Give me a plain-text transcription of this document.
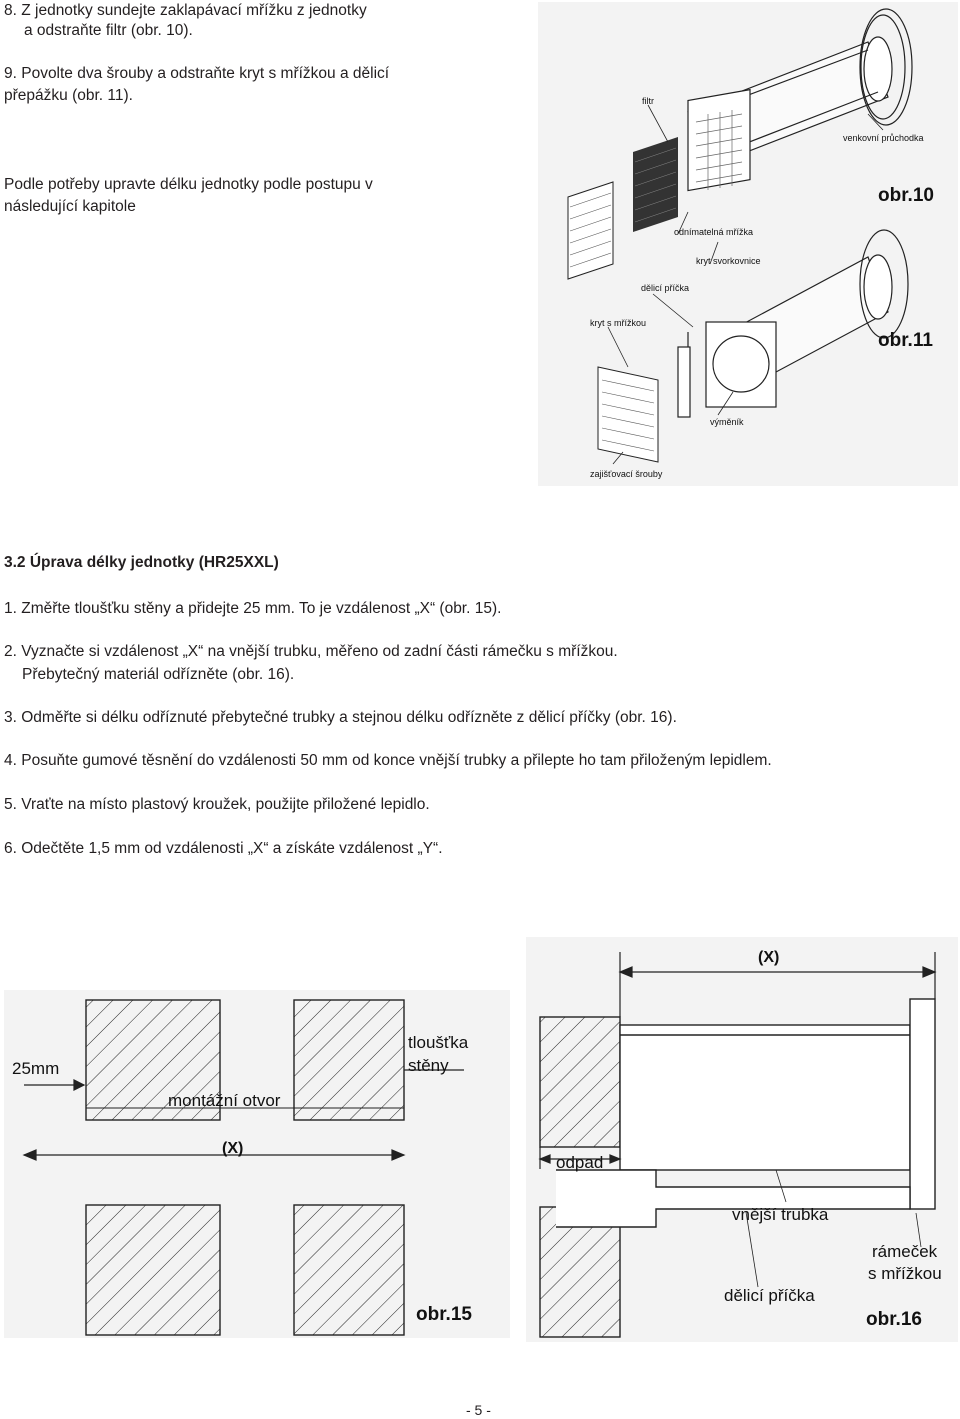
8. Z jednotky sundejte zaklapávací mřížku z jednotky

a odstraňte filtr (obr. 10).

9. Povolte dva šrouby a odstraňte kryt s mřížkou a dělicí

přepážku (obr. 11).

Podle potřeby upravte délku jednotky podle postupu v

následující kapitole

filtr
venkovní průchodka
odnímatelná mřížka
kryt svorkovnice
dělicí příčka
kryt s mřížkou
výměník
zajišťovací šrouby
obr.10
obr.11
3.2 Úprava délky jednotky (HR25XXL)

1. Změřte tloušťku stěny a přidejte 25 mm. To je vzdálenost „X“ (obr. 15).

2. Vyznačte si vzdálenost „X“ na vnější trubku, měřeno od zadní části rámečku s mřížkou.

Přebytečný materiál odřízněte (obr. 16).

3. Odměřte si délku odříznuté přebytečné trubky a stejnou délku odřízněte z dělicí příčky (obr. 16).

4. Posuňte gumové těsnění do vzdálenosti 50 mm od konce vnější trubky a přilepte ho tam přiloženým lepidlem.

5. Vraťte na místo plastový kroužek, použijte přiložené lepidlo.

6. Odečtěte 1,5 mm od vzdálenosti „X“ a získáte vzdálenost „Y“.

25mm
tloušťka
stěny
montážní otvor
(X)
obr.15
(X)
odpad
vnější trubka
rámeček
s mřížkou
dělicí příčka
obr.16
- 5 -
